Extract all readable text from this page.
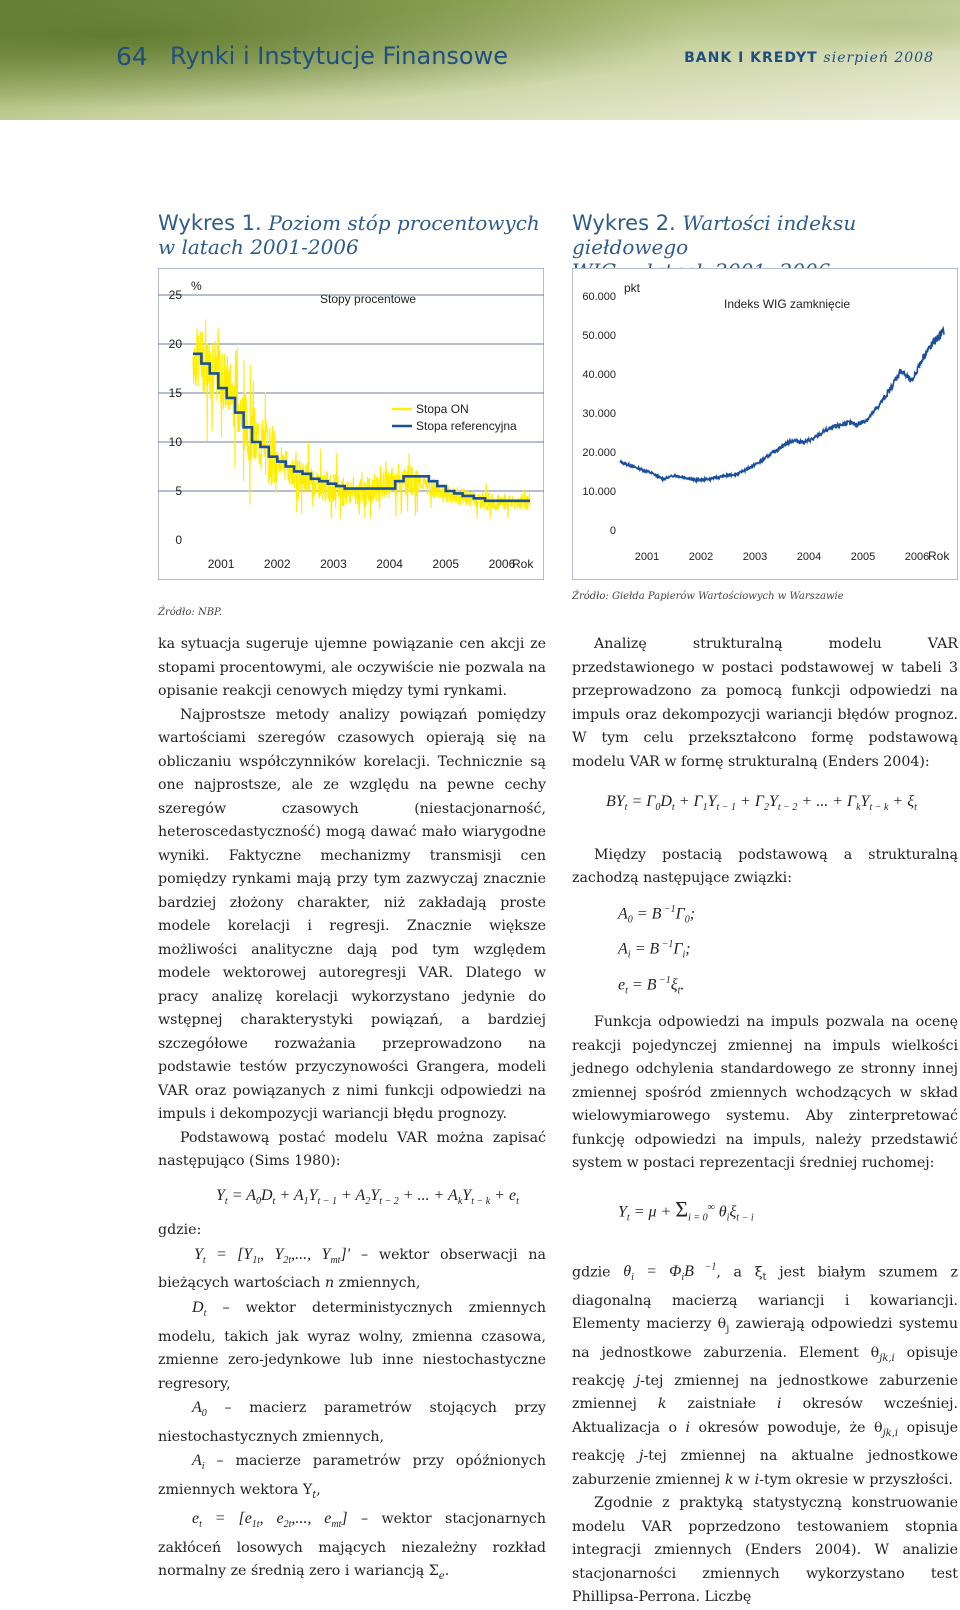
64 Rynki i Instytucje Finansowe	BANK I KREDYT sierpień 2008
Wykres 1. Poziom stóp procentowych
w latach 2001-2006
Wykres 2. Wartości indeksu giełdowego

0
5
10
15
20
25
2001 2002 2003 2004 2005 2006
%
Stopy procentowe
Rok
Stopa ON
Stopa referencyjna
0
10.000
20.000
30.000
40.000
50.000
60.000
2001	2002	2003	2004	2005	2006
pkt
Indeks WIG zamknięcie
Rok
Źródło: NBP.
Źródło: Giełda Papierów Wartościowych w Warszawie

ka sytuacja sugeruje ujemne powiązanie cen akcji ze stopami procentowymi, ale oczywiście nie pozwala na opisanie reakcji cenowych między tymi rynkami.

Najprostsze metody analizy powiązań pomiędzy wartościami szeregów czasowych opierają się na obliczaniu współczynników korelacji. Technicznie są one najprostsze, ale ze względu na pewne cechy szeregów czasowych (niestacjonarność, heteroscedastyczność) mogą dawać mało wiarygodne wyniki. Faktyczne mechanizmy transmisji cen pomiędzy rynkami mają przy tym zazwyczaj znacznie bardziej złożony charakter, niż zakładają proste modele korelacji i regresji. Znacznie większe możliwości analityczne dają pod tym względem modele wektorowej autoregresji VAR. Dlatego w pracy analizę korelacji wykorzystano jedynie do wstępnej charakterystyki powiązań, a bardziej szczegółowe rozważania przeprowadzono na podstawie testów przyczynowości Grangera, modeli VAR oraz powiązanych z nimi funkcji odpowiedzi na impuls i dekompozycji wariancji błędu prognozy.

Podstawową postać modelu VAR można zapisać następująco (Sims 1980):

$Y_t = A_0D_t + A_1Y_{t - 1} + A_2Y_{t - 2}$ + ... + $A_kY_{t - k} + e_t$

gdzie:

$Y_t = [Y_{1t}$, $Y_{2t}$,..., $Y_{mt}]'$ – wektor obserwacji na bieżących wartościach n zmiennych,

$D_t$ – wektor deterministycznych zmiennych modelu, takich jak wyraz wolny, zmienna czasowa, zmienne zero-jedynkowe lub inne niestochastyczne regresory,

$A_0$ – macierz parametrów stojących przy niestochastycznych zmiennych,

$A_i$ – macierze parametrów przy opóźnionych zmiennych wektora $Y_t$,

$e_t = [e_{1t}$, $e_{2t}$,..., $e_{mt}$] – wektor stacjonarnych zakłóceń losowych mających niezależny rozkład normalny ze średnią zero i wariancją $\Sigma_e$.

Analizę strukturalną modelu VAR przedstawionego w postaci podstawowej w tabeli 3 przeprowadzono za pomocą funkcji odpowiedzi na impuls oraz dekompozycji wariancji błędów prognoz. W tym celu przekształcono formę podstawową modelu VAR w formę strukturalną (Enders 2004):

$BY_t = \Gamma_0D_t + \Gamma_1Y_{t - 1} + \Gamma_2Y_{t - 2}$ + ... + $\Gamma_kY_{t - k} + \xi_t$

Między postacią podstawową a strukturalną zachodzą następujące związki:

$A_0 = B$ $^{-1}\Gamma_0$;
$A_i = B$ $^{-1}\Gamma_i$;
$e_t = B$ $^{-1}\xi_t$.

Funkcja odpowiedzi na impuls pozwala na ocenę reakcji pojedynczej zmiennej na impuls wielkości jednego odchylenia standardowego ze stronny innej zmiennej spośród zmiennych wchodzących w skład wielowymiarowego systemu. Aby zinterpretować funkcję odpowiedzi na impuls, należy przedstawić system w postaci reprezentacji średniej ruchomej:

$Y_t = \mu + \Sigma_{i = 0}^\infty$ $\theta_i\xi_{t - i}$

gdzie $\theta_i = \Phi_iB$ $^{-1}$, a $\xi_t$ jest białym szumem z diagonalną macierzą wariancji i kowariancji. Elementy macierzy $\theta_j$ zawierają odpowiedzi systemu na jednostkowe zaburzenia. Element $\theta_{jk,i}$ opisuje reakcję j-tej zmiennej na jednostkowe zaburzenie zmiennej k zaistniałe i okresów wcześniej. Aktualizacja o i okresów powoduje, że $\theta_{jk,i}$ opisuje reakcję j-tej zmiennej na aktualne jednostkowe zaburzenie zmiennej k w i-tym okresie w przyszłości.

Zgodnie z praktyką statystyczną konstruowanie modelu VAR poprzedzono testowaniem stopnia integracji zmiennych (Enders 2004). W analizie stacjonarności zmiennych wykorzystano test Phillipsa-Perrona. Liczbę
